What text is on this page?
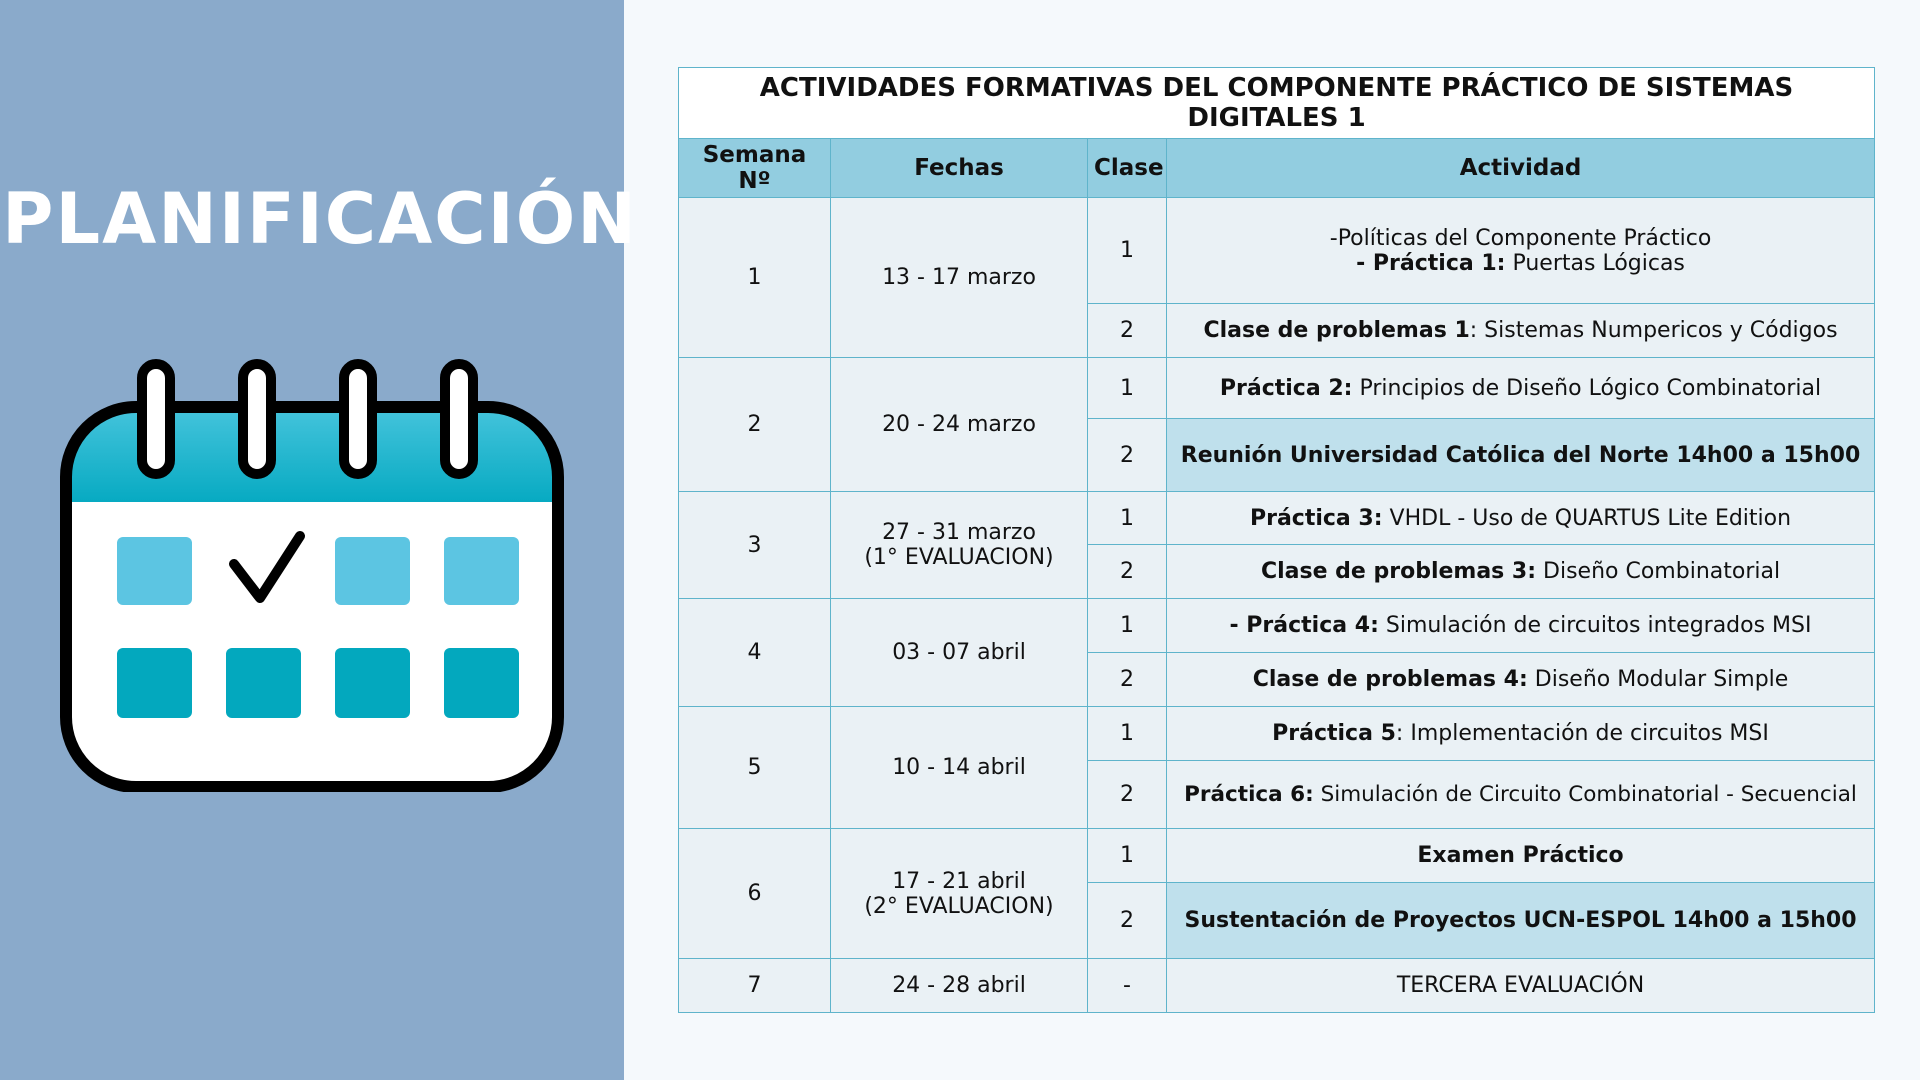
PLANIFICACIÓN
ACTIVIDADES FORMATIVAS DEL COMPONENTE PRÁCTICO DE SISTEMAS DIGITALES 1			
Semana Nº	Fechas	Clase	Actividad
1	13 - 17 marzo	1	-Políticas del Componente Práctico
- Práctica 1: Puertas Lógicas

		2	Clase de problemas 1: Sistemas Numpericos y Códigos
2	20 - 24 marzo	1	Práctica 2: Principios de Diseño Lógico Combinatorial
		2	Reunión Universidad Católica del Norte 14h00 a 15h00
3	27 - 31 marzo
(1° EVALUACION)	1	Práctica 3: VHDL - Uso de QUARTUS Lite Edition
		2	Clase de problemas 3: Diseño Combinatorial
4	03 - 07 abril	1	- Práctica 4: Simulación de circuitos integrados MSI
		2	Clase de problemas 4: Diseño Modular Simple
5	10 - 14 abril	1	Práctica 5: Implementación de circuitos MSI
		2	Práctica 6: Simulación de Circuito Combinatorial - Secuencial
6	17 - 21 abril
(2° EVALUACION)	1	Examen Práctico
		2	Sustentación de Proyectos UCN-ESPOL 14h00 a 15h00
7	24 - 28 abril	-	TERCERA EVALUACIÓN
